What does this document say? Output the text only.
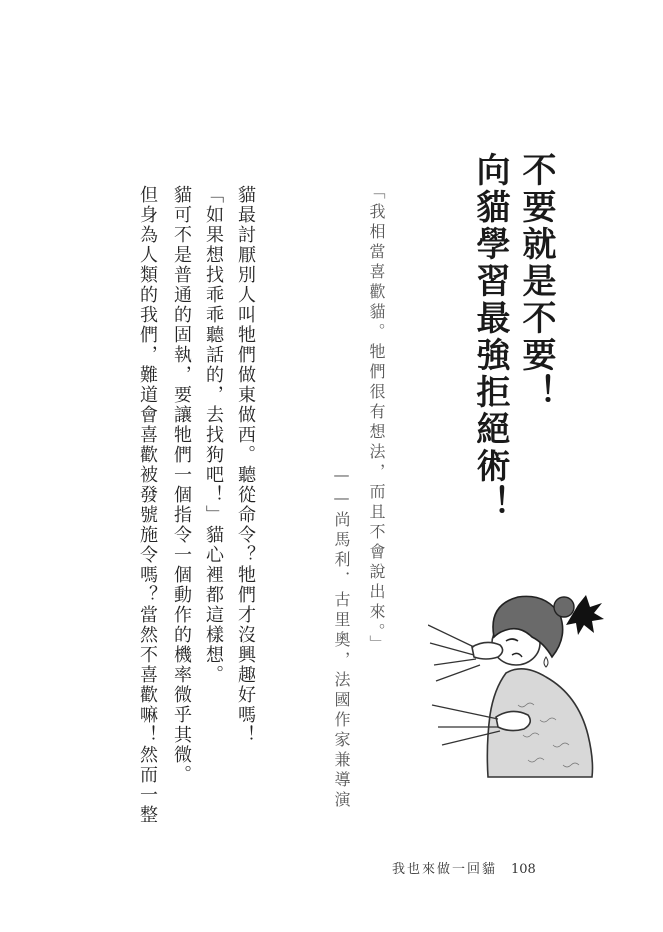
不要就是不要！
向貓學習最強拒絕術！
「我相當喜歡貓。牠們很有想法，而且不會說出來。」
——尚馬利．古里奧，法國作家兼導演
貓最討厭別人叫牠們做東做西。聽從命令？牠們才沒興趣好嗎！
「如果想找乖乖聽話的，去找狗吧！」貓心裡都這樣想。
貓可不是普通的固執，要讓牠們一個指令一個動作的機率微乎其微。
但身為人類的我們，難道會喜歡被發號施令嗎？當然不喜歡嘛！然而一整
我也來做一回貓 108
